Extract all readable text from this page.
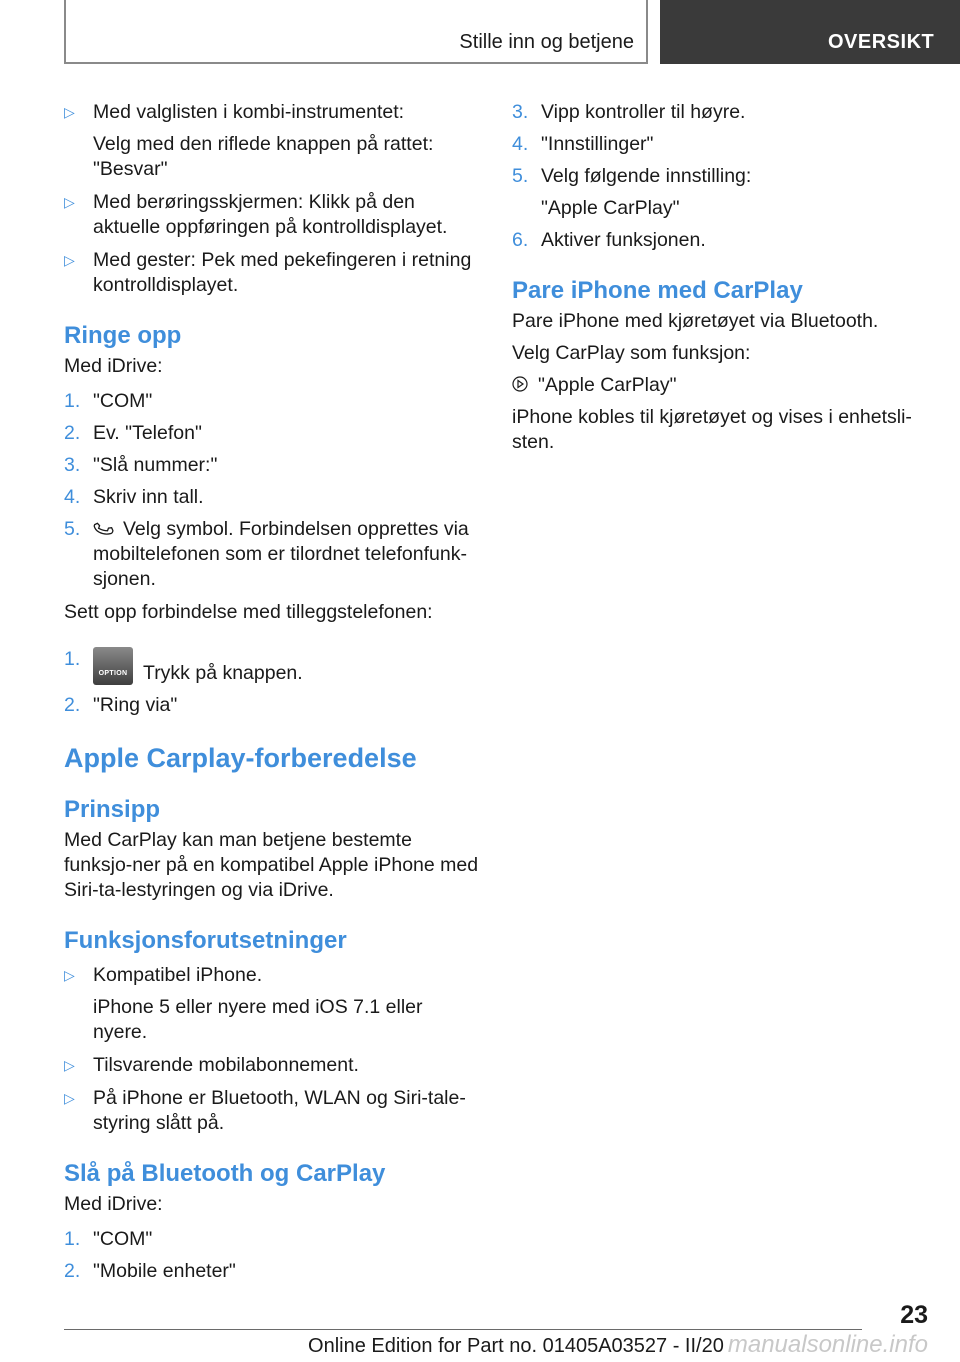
Stille inn og betjene	OVERSIKT
▷ Med valglisten i kombi-instrumentet:
Velg med den riflede knappen på rattet:
"Besvar"
▷ Med berøringsskjermen: Klikk på den aktuelle oppføringen på kontrolldisplayet.
▷ Med gester: Pek med pekefingeren i retning kontrolldisplayet.
Ringe opp

Med iDrive:

1. "COM"
2. Ev. "Telefon"
3. "Slå nummer:"
4. Skriv inn tall.
5. Velg symbol. Forbindelsen opprettes via mobiltelefonen som er tilordnet telefonfunk-sjonen.

Sett opp forbindelse med tilleggstelefonen:

1.
OPTION Trykk på knappen.
2. "Ring via"
Apple Carplay-forberedelse
Prinsipp

Med CarPlay kan man betjene bestemte funksjo-ner på en kompatibel Apple iPhone med Siri-ta-lestyringen og via iDrive.

Funksjonsforutsetninger
▷ Kompatibel iPhone.
iPhone 5 eller nyere med iOS 7.1 eller nyere.
▷ Tilsvarende mobilabonnement.
▷ På iPhone er Bluetooth, WLAN og Siri-tale-styring slått på.
Slå på Bluetooth og CarPlay

Med iDrive:

1. "COM"
2. "Mobile enheter"
3. Vipp kontroller til høyre.
4. "Innstillinger"
5. Velg følgende innstilling:
"Apple CarPlay"
6. Aktiver funksjonen.
Pare iPhone med CarPlay

Pare iPhone med kjøretøyet via Bluetooth.

Velg CarPlay som funksjon:

"Apple CarPlay"

iPhone kobles til kjøretøyet og vises i enhetsli-sten.

23
Online Edition for Part no. 01405A03527 - II/20 manualsonline.info
